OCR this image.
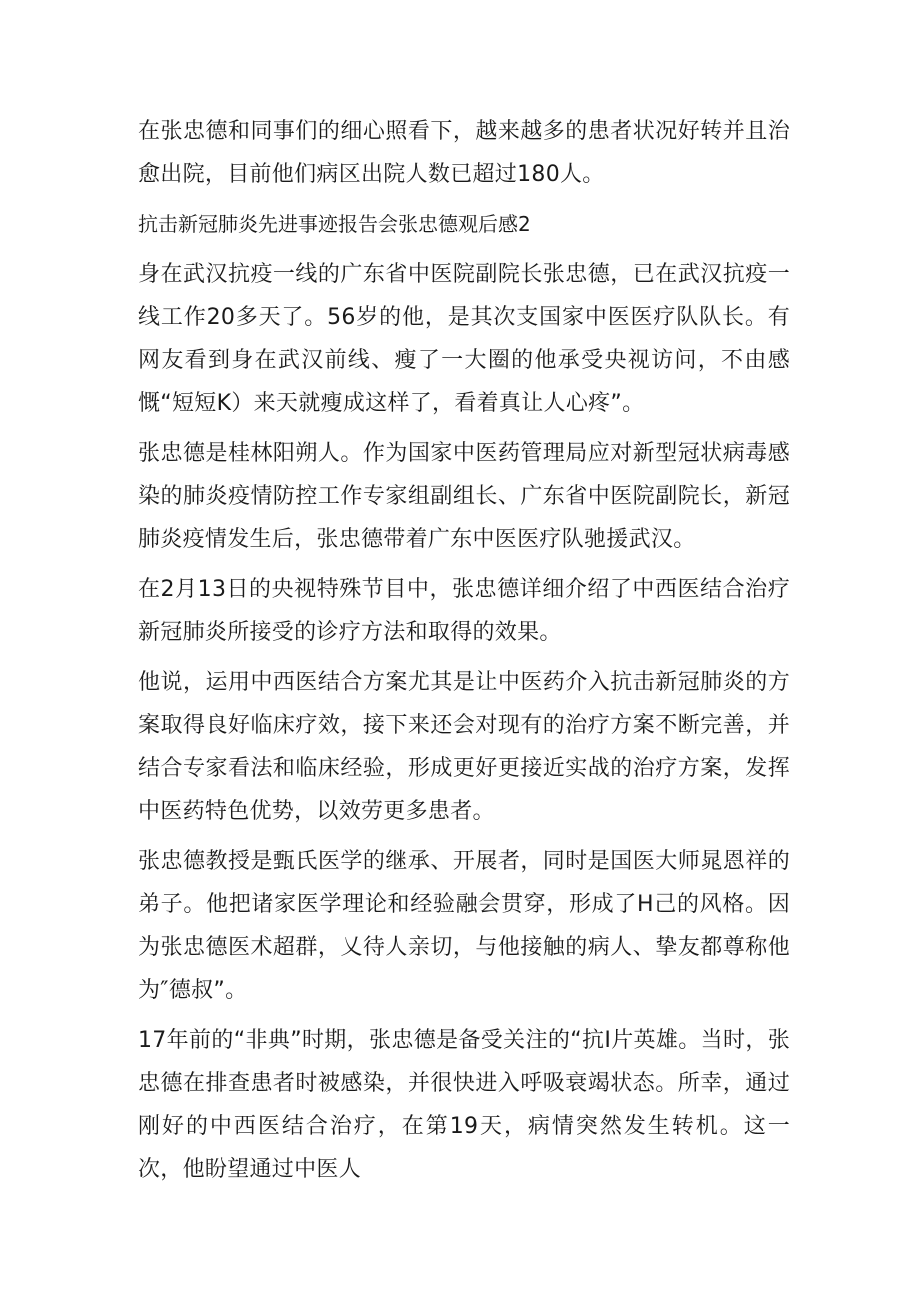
在张忠德和同事们的细心照看下，越来越多的患者状况好转并且治愈出院，目前他们病区出院人数已超过180人。

抗击新冠肺炎先进事迹报告会张忠德观后感2

身在武汉抗疫一线的广东省中医院副院长张忠德，已在武汉抗疫一线工作20多天了。56岁的他，是其次支国家中医医疗队队长。有网友看到身在武汉前线、瘦了一大圈的他承受央视访问，不由感慨“短短K）来天就瘦成这样了，看着真让人心疼”。

张忠德是桂林阳朔人。作为国家中医药管理局应对新型冠状病毒感染的肺炎疫情防控工作专家组副组长、广东省中医院副院长，新冠肺炎疫情发生后，张忠德带着广东中医医疗队驰援武汉。

在2月13日的央视特殊节目中，张忠德详细介绍了中西医结合治疗新冠肺炎所接受的诊疗方法和取得的效果。

他说，运用中西医结合方案尤其是让中医药介入抗击新冠肺炎的方案取得良好临床疗效，接下来还会对现有的治疗方案不断完善，并结合专家看法和临床经验，形成更好更接近实战的治疗方案，发挥中医药特色优势，以效劳更多患者。

张忠德教授是甄氏医学的继承、开展者，同时是国医大师晁恩祥的弟子。他把诸家医学理论和经验融会贯穿，形成了H己的风格。因为张忠德医术超群，乂待人亲切，与他接触的病人、挚友都尊称他为″德叔”。

17年前的“非典”时期，张忠德是备受关注的“抗I片英雄。当时，张忠德在排查患者时被感染，并很快进入呼吸衰竭状态。所幸，通过刚好的中西医结合治疗，在第19天，病情突然发生转机。这一次，他盼望通过中医人
